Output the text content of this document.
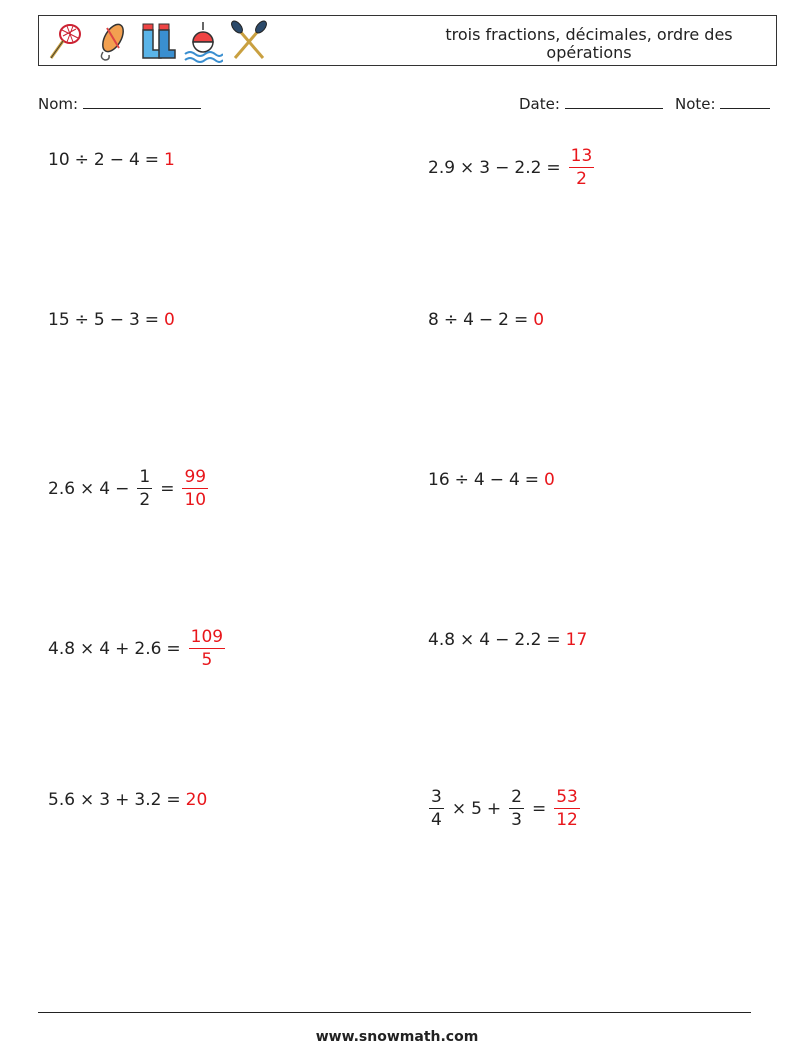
trois fractions, décimales, ordre des opérations
Nom:	Date:	Note:
10 ÷ 2 − 4 = 1	$2.9 \times 3 - 2.2 = \frac{13}{2}$
15 ÷ 5 − 3 = 0	8 ÷ 4 − 2 = 0
$2.6 \times 4 - \frac{1}{2} = \frac{99}{10}$	16 ÷ 4 − 4 = 0
$4.8 \times 4 + 2.6 = \frac{109}{5}$	4.8 × 4 − 2.2 = 17
5.6 × 3 + 3.2 = 20	$\frac{3}{4} \times 5 + \frac{2}{3} = \frac{53}{12}$
www.snowmath.com
